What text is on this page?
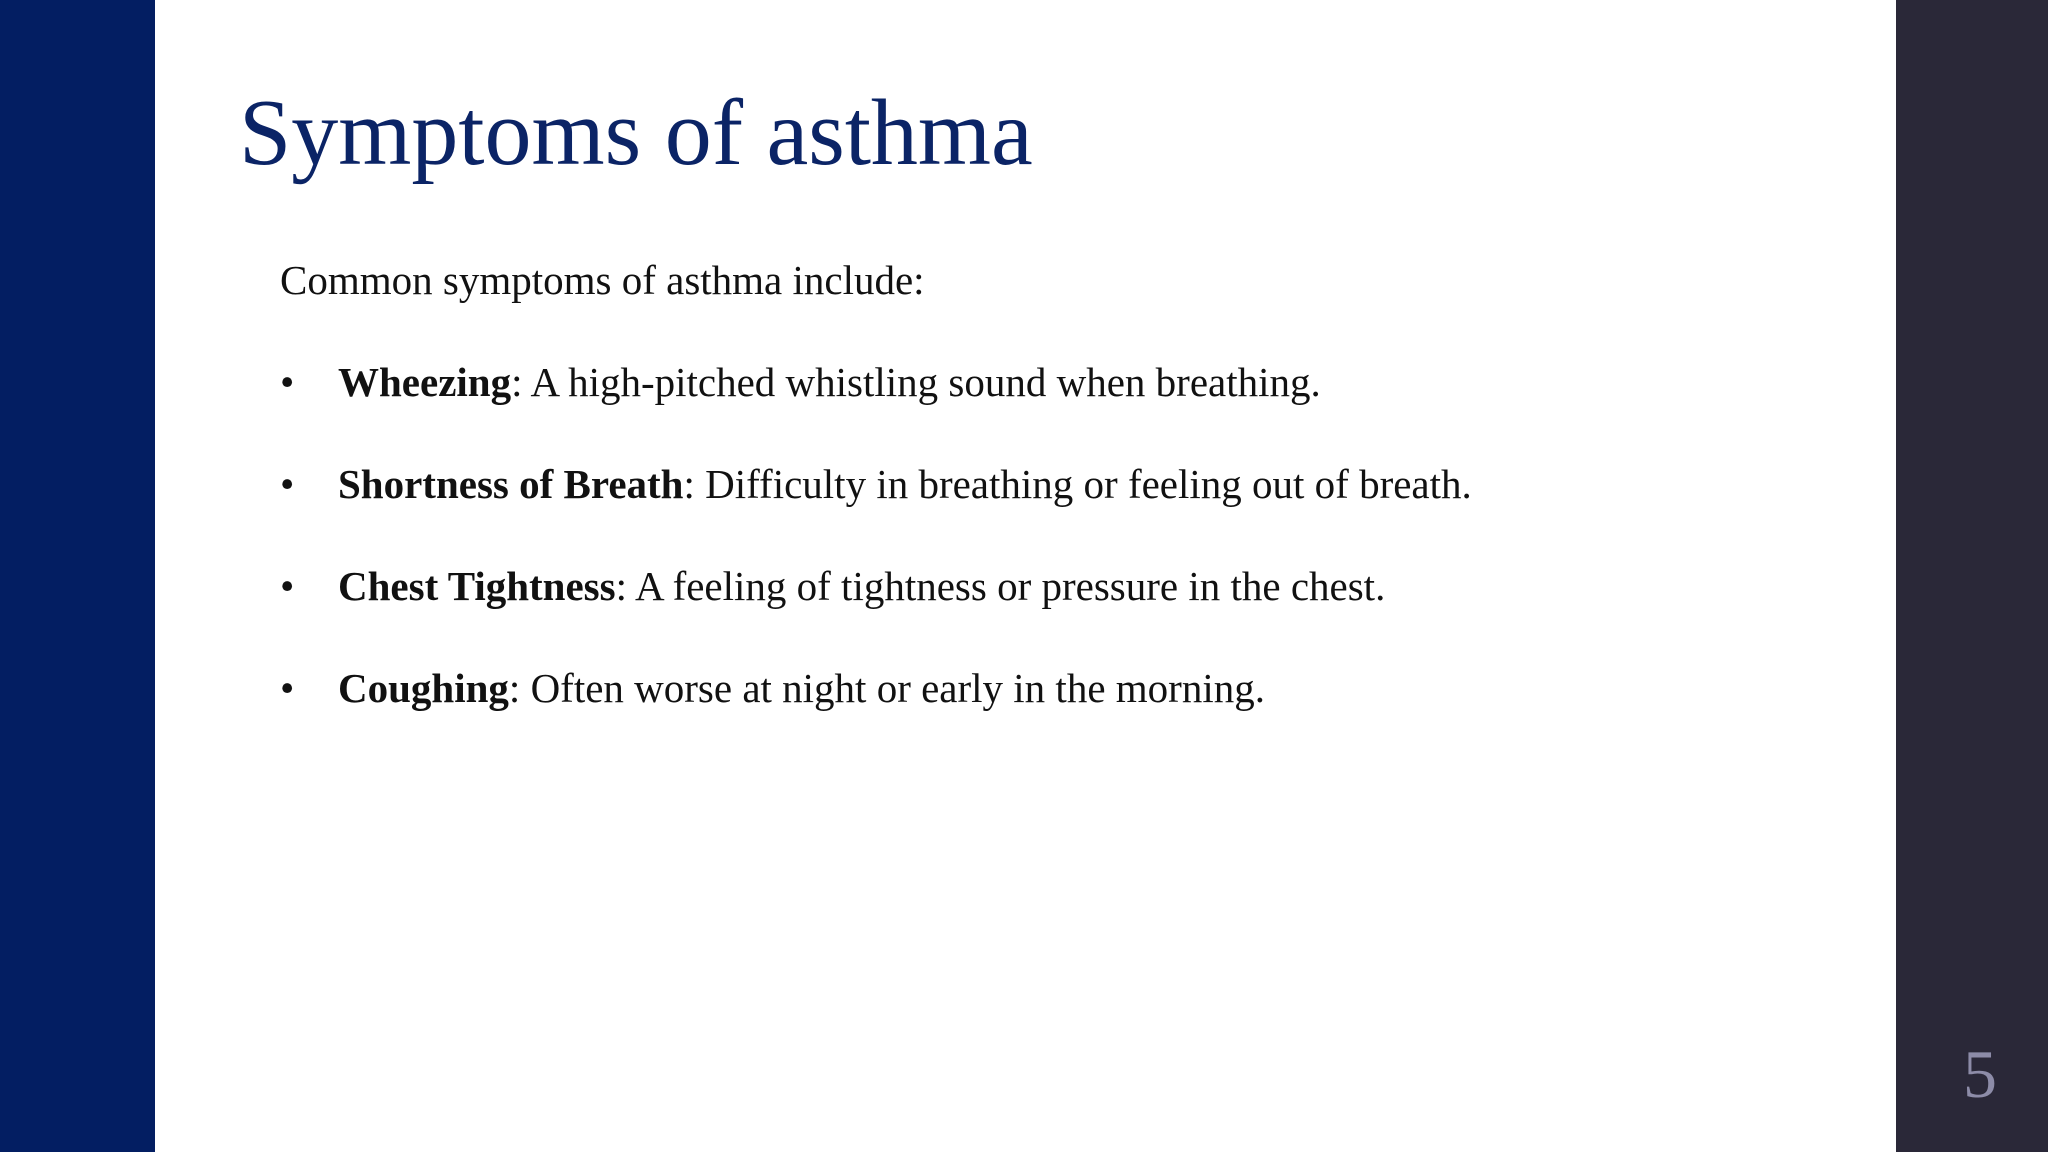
Symptoms of asthma

Common symptoms of asthma include:

• Wheezing: A high-pitched whistling sound when breathing.
• Shortness of Breath: Difficulty in breathing or feeling out of breath.
• Chest Tightness: A feeling of tightness or pressure in the chest.
• Coughing: Often worse at night or early in the morning.
5
